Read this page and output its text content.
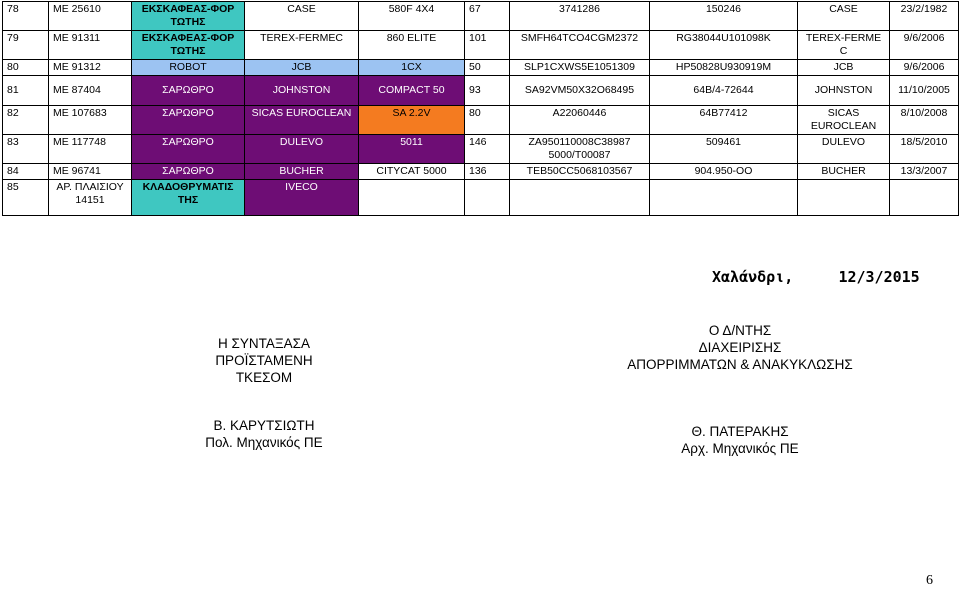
78	ΜΕ 25610	ΕΚΣΚΑΦΕΑΣ-ΦΟΡ ΤΩΤΗΣ	CASE	580F 4X4	67	3741286	150246	CASE	23/2/1982
79	ΜΕ 91311	ΕΚΣΚΑΦΕΑΣ-ΦΟΡ ΤΩΤΗΣ	TEREX-FERMEC	860 ELITE	101	SMFH64TCO4CGM2372	RG38044U101098K	TEREX-FERME C	9/6/2006
80	ΜΕ 91312	ROBOT	JCB	1CX	50	SLP1CXWS5E1051309	HP50828U930919M	JCB	9/6/2006
81	ΜΕ 87404	ΣΑΡΩΘΡΟ	JOHNSTON	COMPACT 50	93	SA92VM50X32O68495	64B/4-72644	JOHNSTON	11/10/2005
82	ΜΕ 107683	ΣΑΡΩΘΡΟ	SICAS EUROCLEAN	SA 2.2V	80	A22060446	64B77412	SICAS EUROCLEAN	8/10/2008
83	ΜΕ 117748	ΣΑΡΩΘΡΟ	DULEVO	5011	146	ZA950110008C38987 5000/T00087	509461	DULEVO	18/5/2010
84	ΜΕ 96741	ΣΑΡΩΘΡΟ	BUCHER	CITYCAT 5000	136	TEB50CC5068103567	904.950-OO	BUCHER	13/3/2007
85	ΑΡ. ΠΛΑΙΣΙΟΥ 14151	ΚΛΑΔΟΘΡΥΜΑΤΙΣ ΤΗΣ	IVECO						
Χαλάνδρι,	12/3/2015
Η ΣΥΝΤΑΞΑΣΑ
ΠΡΟΪΣΤΑΜΕΝΗ
ΤΚΕΣΟΜ
Β. ΚΑΡΥΤΣΙΩΤΗ
Πολ. Μηχανικός ΠΕ
Ο Δ/ΝΤΗΣ
ΔΙΑΧΕΙΡΙΣΗΣ
ΑΠΟΡΡΙΜΜΑΤΩΝ & ΑΝΑΚΥΚΛΩΣΗΣ
Θ. ΠΑΤΕΡΑΚΗΣ
Αρχ. Μηχανικός ΠΕ
6
